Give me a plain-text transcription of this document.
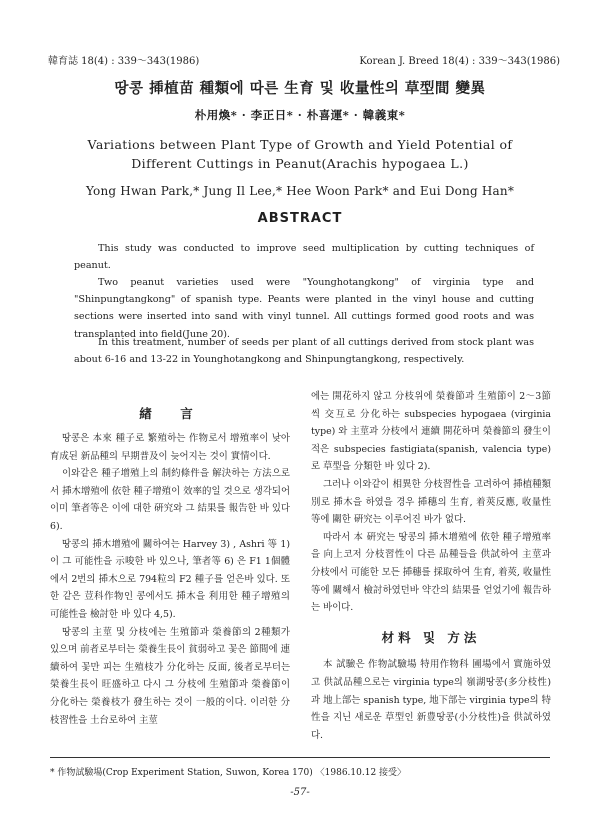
韓育誌 18(4) : 339～343(1986)	Korean J. Breed 18(4) : 339～343(1986)
땅콩 揷植苗 種類에 따른 生育 및 收量性의 草型間 變異
朴用煥* · 李正日* · 朴喜運* · 韓義東*
Variations between Plant Type of Growth and Yield Potential of
Different Cuttings in Peanut(Arachis hypogaea L.)
Yong Hwan Park,* Jung Il Lee,* Hee Woon Park* and Eui Dong Han*
ABSTRACT

This study was conducted to improve seed multiplication by cutting techniques of peanut.

Two peanut varieties used were "Younghotangkong" of virginia type and "Shinpungtangkong" of spanish type. Peants were planted in the vinyl house and cutting sections were inserted into sand with vinyl tunnel. All cuttings formed good roots and was transplanted into field(June 20).

In this treatment, number of seeds per plant of all cuttings derived from stock plant was about 6-16 and 13-22 in Younghotangkong and Shinpungtangkong, respectively.

緖　言

땅콩은 本來 種子로 繁殖하는 作物로서 增殖率이 낮아 育成된 新品種의 早期普及이 늦어지는 것이 實情이다.

이와같은 種子增殖上의 制約條件을 解決하는 方法으로서 揷木增殖에 依한 種子增殖이 效率的일 것으로 생각되어 이미 筆者等은 이에 대한 硏究와 그 結果를 報告한 바 있다 6).

땅콩의 揷木增殖에 關하여는 Harvey 3) , Ashri 等 1)이 그 可能性을 示唆한 바 있으나, 筆者等 6) 은 F1 1個體에서 2번의 揷木으로 794粒의 F2 種子를 얻은바 있다. 또한 같은 荳科作物인 콩에서도 揷木을 利用한 種子增殖의 可能性을 檢討한 바 있다 4,5).

땅콩의 主莖 및 分枝에는 生殖節과 榮養節의 2種類가 있으며 前者로부터는 榮養生長이 貧弱하고 꽃은 節間에 連續하여 꽃만 피는 生殖枝가 分化하는 反面, 後者로부터는 榮養生長이 旺盛하고 다시 그 分枝에 生殖節과 榮養節이 分化하는 榮養枝가 發生하는 것이 一般的이다. 이러한 分枝習性을 土台로하여 主莖

에는 開花하지 않고 分枝위에 榮養節과 生殖節이 2～3節씩 交互로 分化하는 subspecies hypogaea (virginia type) 와 主莖과 分枝에서 連續 開花하며 榮養節의 發生이 적은 subspecies fastigiata(spanish, valencia type)로 草型을 分類한 바 있다 2).

그러나 이와같이 相異한 分枝習性을 고려하여 揷植種類別로 揷木을 하였을 경우 揷穗의 生育, 着莢反應, 收量性 等에 關한 硏究는 이루어진 바가 없다.

따라서 本 硏究는 땅콩의 揷木增殖에 依한 種子增殖率을 向上코저 分枝習性이 다른 品種들을 供試하여 主莖과 分枝에서 可能한 모든 揷穗를 採取하여 生育, 着莢, 收量性 等에 關해서 檢討하였던바 약간의 結果를 얻었기에 報告하는 바이다.

材料 및 方法

本 試驗은 作物試驗場 特用作物科 圃場에서 實施하였고 供試品種으로는 virginia type의 嶺湖땅콩(多分枝性)과 地上部는 spanish type, 地下部는 virginia type의 特性을 지닌 새로운 草型인 新豊땅콩(小分枝性)을 供試하였다.

* 作物試驗場(Crop Experiment Station, Suwon, Korea 170) 〈1986.10.12 接受〉
-57-
